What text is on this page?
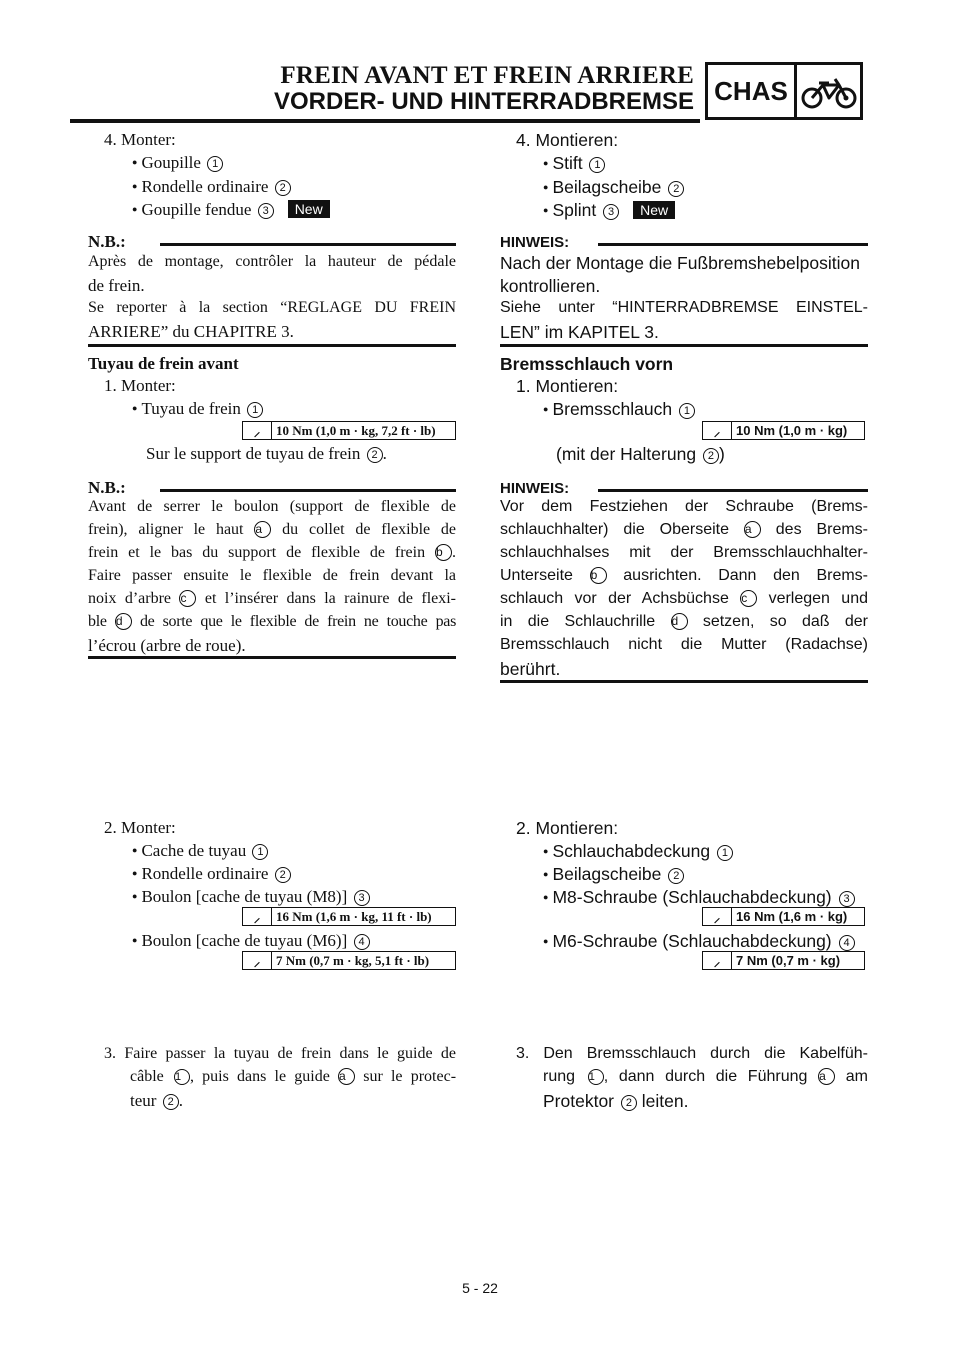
FREIN AVANT ET FREIN ARRIERE
VORDER- UND HINTERRADBREMSE CHAS
4. Monter:
● Goupille 1
● Rondelle ordinaire 2
● Goupille fendue 3 New
N.B.:
Après de montage, contrôler la hauteur de pédale
de frein.
Se reporter à la section “REGLAGE DU FREIN
ARRIERE” du CHAPITRE 3.
Tuyau de frein avant
1. Monter:
● Tuyau de frein 1
⸝	10 Nm (1,0 m · kg, 7,2 ft · lb)
Sur le support de tuyau de frein 2 .
N.B.:
Avant de serrer le boulon (support de flexible de
frein), aligner le haut a du collet de flexible de
frein et le bas du support de flexible de frein b .
Faire passer ensuite le flexible de frein devant la
noix d’arbre c et l’insérer dans la rainure de flexi-
ble d de sorte que le flexible de frein ne touche pas
l’écrou (arbre de roue).
2. Monter:
● Cache de tuyau 1
● Rondelle ordinaire 2
● Boulon [cache de tuyau (M8)] 3
⸝	16 Nm (1,6 m · kg, 11 ft · lb)
● Boulon [cache de tuyau (M6)] 4
⸝	7 Nm (0,7 m · kg, 5,1 ft · lb)
3. Faire passer la tuyau de frein dans le guide de
câble 1 , puis dans le guide a sur le protec-
teur 2 .
4. Montieren:
● Stift 1
● Beilagscheibe 2
● Splint 3 New
HINWEIS:
Nach der Montage die Fußbremshebelposition
kontrollieren.
Siehe unter “HINTERRADBREMSE EINSTEL-
LEN” im KAPITEL 3.
Bremsschlauch vorn
1. Montieren:
● Bremsschlauch 1
⸝	10 Nm (1,0 m · kg)
(mit der Halterung 2 )
HINWEIS:
Vor dem Festziehen der Schraube (Brems-
schlauchhalter) die Oberseite a des Brems-
schlauchhalses mit der Bremsschlauchhalter-
Unterseite b ausrichten. Dann den Brems-
schlauch vor der Achsbüchse c verlegen und
in die Schlauchrille d setzen, so daß der
Bremsschlauch nicht die Mutter (Radachse)
berührt.
2. Montieren:
● Schlauchabdeckung 1
● Beilagscheibe 2
● M8-Schraube (Schlauchabdeckung) 3
⸝	16 Nm (1,6 m · kg)
● M6-Schraube (Schlauchabdeckung) 4
⸝	7 Nm (0,7 m · kg)
3. Den Bremsschlauch durch die Kabelfüh-
rung 1 , dann durch die Führung a am
Protektor 2 leiten.
5 - 22
